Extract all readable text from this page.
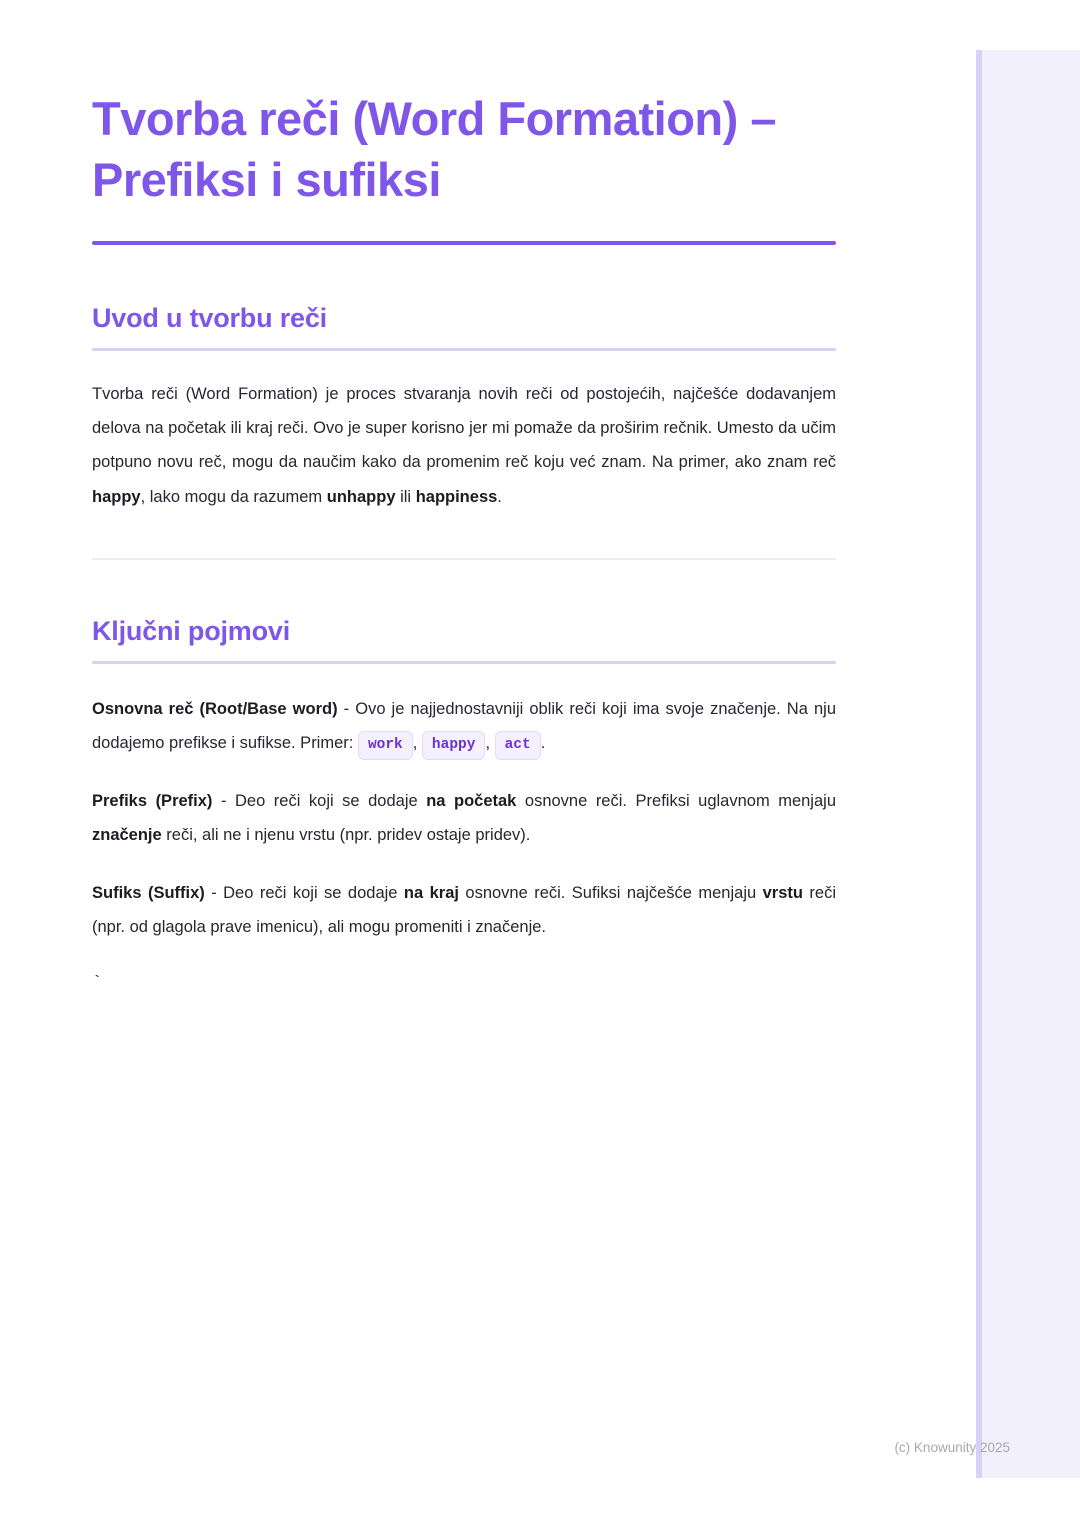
Tvorba reči (Word Formation) – Prefiksi i sufiksi
Uvod u tvorbu reči

Tvorba reči (Word Formation) je proces stvaranja novih reči od postojećih, najčešće dodavanjem delova na početak ili kraj reči. Ovo je super korisno jer mi pomaže da proširim rečnik. Umesto da učim potpuno novu reč, mogu da naučim kako da promenim reč koju već znam. Na primer, ako znam reč happy, lako mogu da razumem unhappy ili happiness.

Ključni pojmovi

Osnovna reč (Root/Base word) - Ovo je najjednostavniji oblik reči koji ima svoje značenje. Na nju dodajemo prefikse i sufikse. Primer: work , happy , act .

Prefiks (Prefix) - Deo reči koji se dodaje na početak osnovne reči. Prefiksi uglavnom menjaju značenje reči, ali ne i njenu vrstu (npr. pridev ostaje pridev).

Sufiks (Suffix) - Deo reči koji se dodaje na kraj osnovne reči. Sufiksi najčešće menjaju vrstu reči (npr. od glagola prave imenicu), ali mogu promeniti i značenje.

`
(c) Knowunity 2025
